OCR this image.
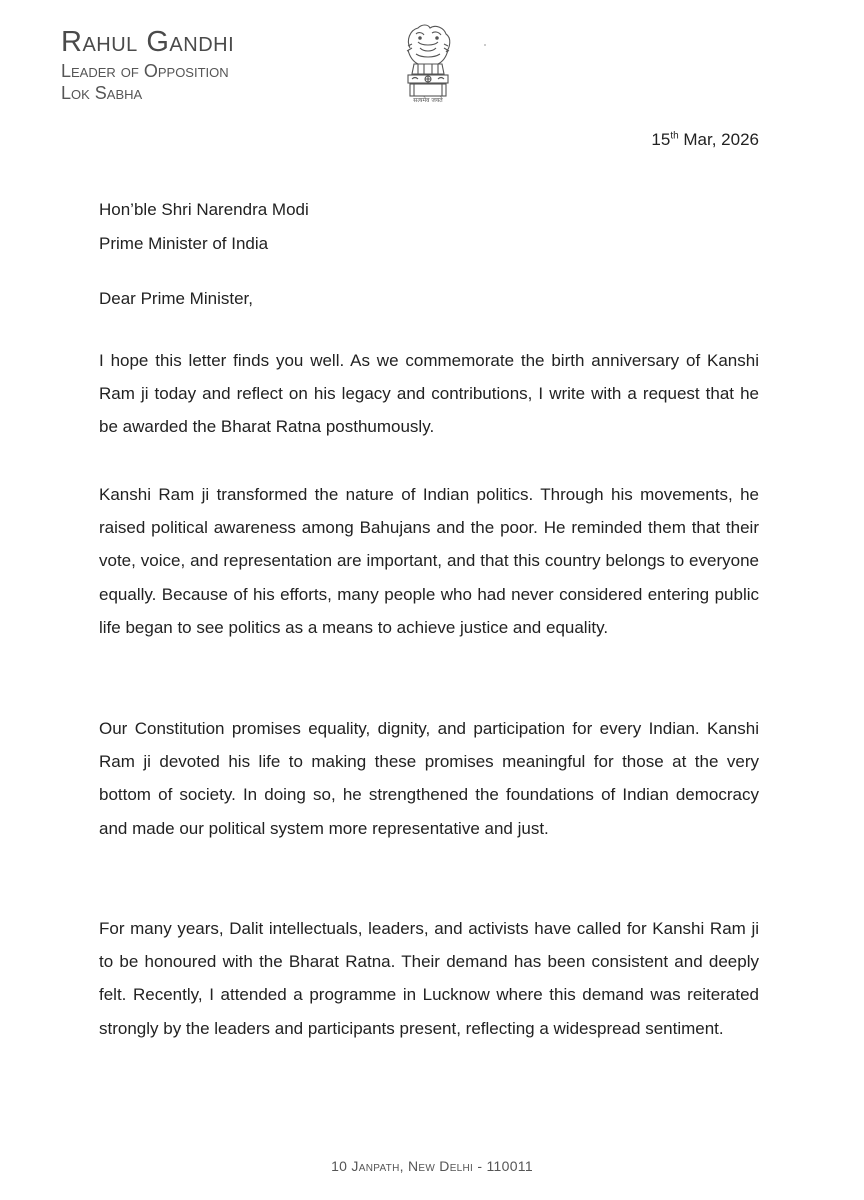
Rahul Gandhi
Leader of Opposition
Lok Sabha	सत्यमेव जयते
15th Mar, 2026
Hon’ble Shri Narendra Modi
Prime Minister of India
Dear Prime Minister,

I hope this letter finds you well. As we commemorate the birth anniversary of Kanshi Ram ji today and reflect on his legacy and contributions, I write with a request that he be awarded the Bharat Ratna posthumously.

Kanshi Ram ji transformed the nature of Indian politics. Through his movements, he raised political awareness among Bahujans and the poor. He reminded them that their vote, voice, and representation are important, and that this country belongs to everyone equally. Because of his efforts, many people who had never considered entering public life began to see politics as a means to achieve justice and equality.

Our Constitution promises equality, dignity, and participation for every Indian. Kanshi Ram ji devoted his life to making these promises meaningful for those at the very bottom of society. In doing so, he strengthened the foundations of Indian democracy and made our political system more representative and just.

For many years, Dalit intellectuals, leaders, and activists have called for Kanshi Ram ji to be honoured with the Bharat Ratna. Their demand has been consistent and deeply felt. Recently, I attended a programme in Lucknow where this demand was reiterated strongly by the leaders and participants present, reflecting a widespread sentiment.

10 Janpath, New Delhi - 110011
